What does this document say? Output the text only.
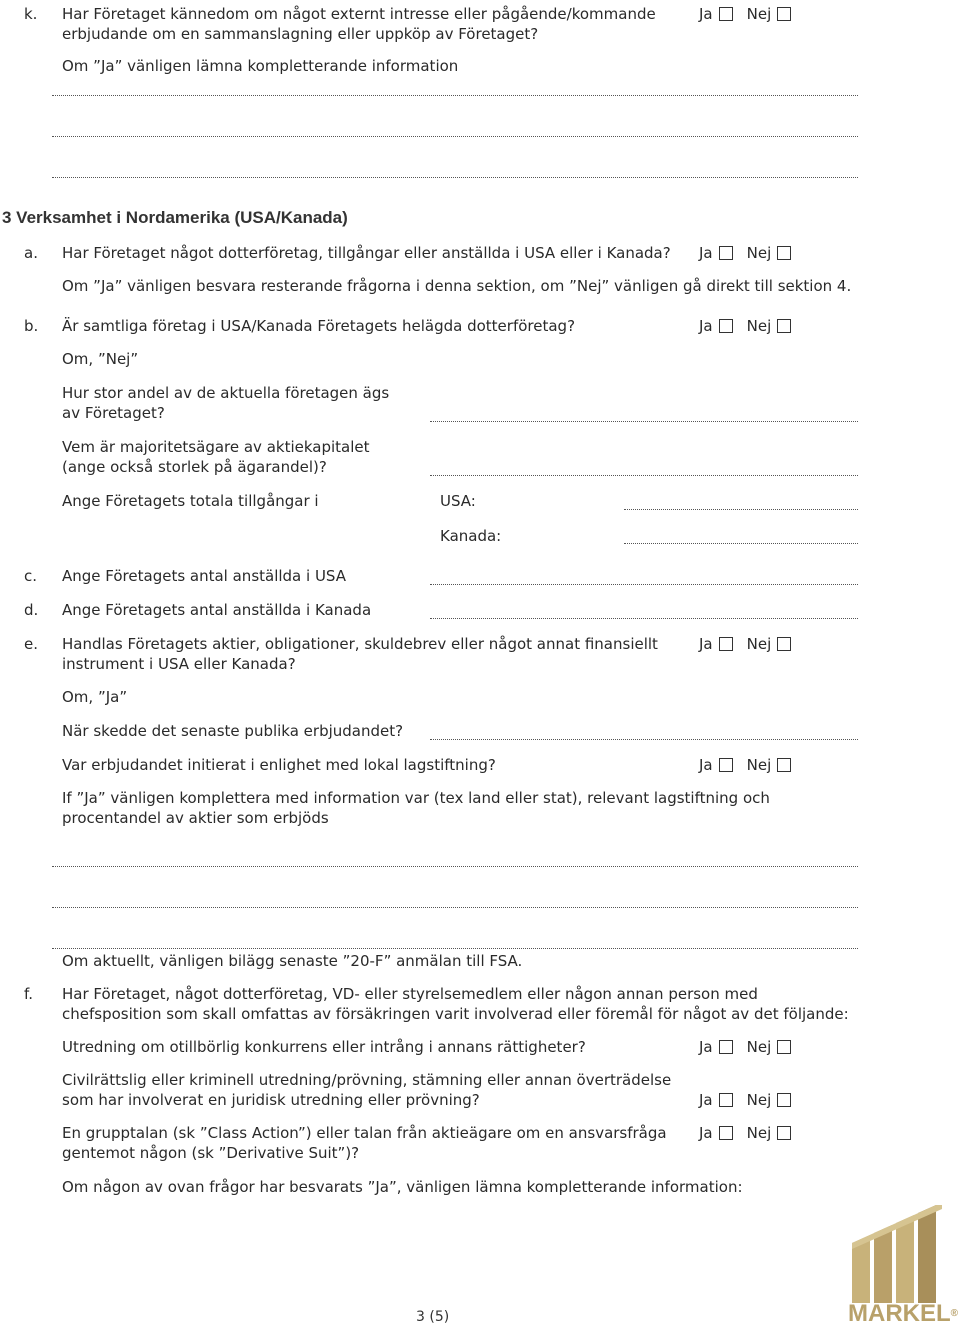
k. Har Företaget kännedom om något externt intresse eller pågående/kommande erbjudande om en sammanslagning eller uppköp av Företaget?
Ja Nej
Om ”Ja” vänligen lämna kompletterande information
3 Verksamhet i Nordamerika (USA/Kanada)
a. Har Företaget något dotterföretag, tillgångar eller anställda i USA eller i Kanada? Ja Nej
Om ”Ja” vänligen besvara resterande frågorna i denna sektion, om ”Nej” vänligen gå direkt till sektion 4.
b. Är samtliga företag i USA/Kanada Företagets helägda dotterföretag?	Ja Nej
Om, ”Nej”
Hur stor andel av de aktuella företagen ägs av Företaget?
Vem är majoritetsägare av aktiekapitalet (ange också storlek på ägarandel)?
Ange Företagets totala tillgångar i	USA:
Kanada:
c. Ange Företagets antal anställda i USA
d. Ange Företagets antal anställda i Kanada
e. Handlas Företagets aktier, obligationer, skuldebrev eller något annat finansiellt instrument i USA eller Kanada?
Ja Nej
Om, ”Ja”
När skedde det senaste publika erbjudandet?
Var erbjudandet initierat i enlighet med lokal lagstiftning?	Ja Nej
If ”Ja” vänligen komplettera med information var (tex land eller stat), relevant lagstiftning och procentandel av aktier som erbjöds
Om aktuellt, vänligen bilägg senaste ”20-F” anmälan till FSA.
f. Har Företaget, något dotterföretag, VD- eller styrelsemedlem eller någon annan person med chefsposition som skall omfattas av försäkringen varit involverad eller föremål för något av det följande:
Utredning om otillbörlig konkurrens eller intrång i annans rättigheter?	Ja Nej
Civilrättslig eller kriminell utredning/prövning, stämning eller annan överträdelse som har involverat en juridisk utredning eller prövning?	Ja Nej
En grupptalan (sk ”Class Action”) eller talan från aktieägare om en ansvarsfråga gentemot någon (sk ”Derivative Suit”)?
Ja Nej
Om någon av ovan frågor har besvarats ”Ja”, vänligen lämna kompletterande information:
3 (5)	MARKEL®
